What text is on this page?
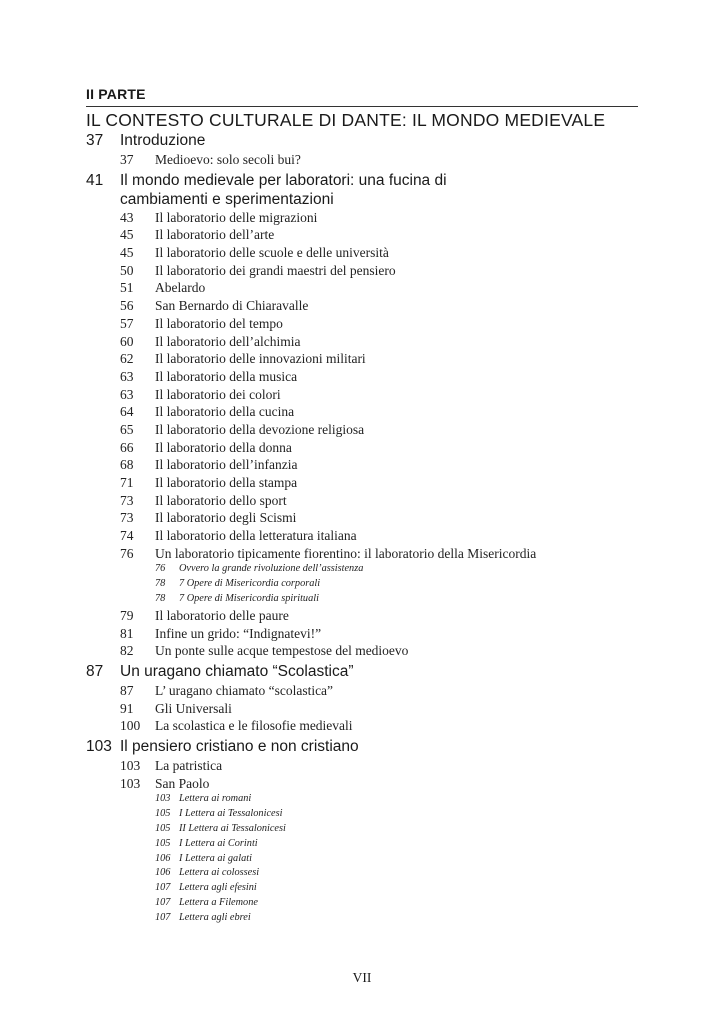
II PARTE
IL CONTESTO CULTURALE DI DANTE: IL MONDO MEDIEVALE
37	Introduzione
37	Medioevo: solo secoli bui?
41	Il mondo medievale per laboratori: una fucina di cambiamenti e sperimentazioni
43	Il laboratorio delle migrazioni
45	Il laboratorio dell’arte
45	Il laboratorio delle scuole e delle università
50	Il laboratorio dei grandi maestri del pensiero
51	Abelardo
56	San Bernardo di Chiaravalle
57	Il laboratorio del tempo
60	Il laboratorio dell’alchimia
62	Il laboratorio delle innovazioni militari
63	Il laboratorio della musica
63	Il laboratorio dei colori
64	Il laboratorio della cucina
65	Il laboratorio della devozione religiosa
66	Il laboratorio della donna
68	Il laboratorio dell’infanzia
71	Il laboratorio della stampa
73	Il laboratorio dello sport
73	Il laboratorio degli Scismi
74	Il laboratorio della letteratura italiana
76	Un laboratorio tipicamente fiorentino: il laboratorio della Misericordia
76	Ovvero la grande rivoluzione dell’assistenza
78	7 Opere di Misericordia corporali
78	7 Opere di Misericordia spirituali
79	Il laboratorio delle paure
81	Infine un grido: “Indignatevi!”
82	Un ponte sulle acque tempestose del medioevo
87	Un uragano chiamato “Scolastica”
87	L’ uragano chiamato “scolastica”
91	Gli Universali
100	La scolastica e le filosofie medievali
103 Il pensiero cristiano e non cristiano
103	La patristica
103	San Paolo
103 Lettera ai romani
105 I Lettera ai Tessalonicesi
105 II Lettera ai Tessalonicesi
105 I Lettera ai Corinti
106 I Lettera ai galati
106 Lettera ai colossesi
107 Lettera agli efesini
107 Lettera a Filemone
107 Lettera agli ebrei
VII
